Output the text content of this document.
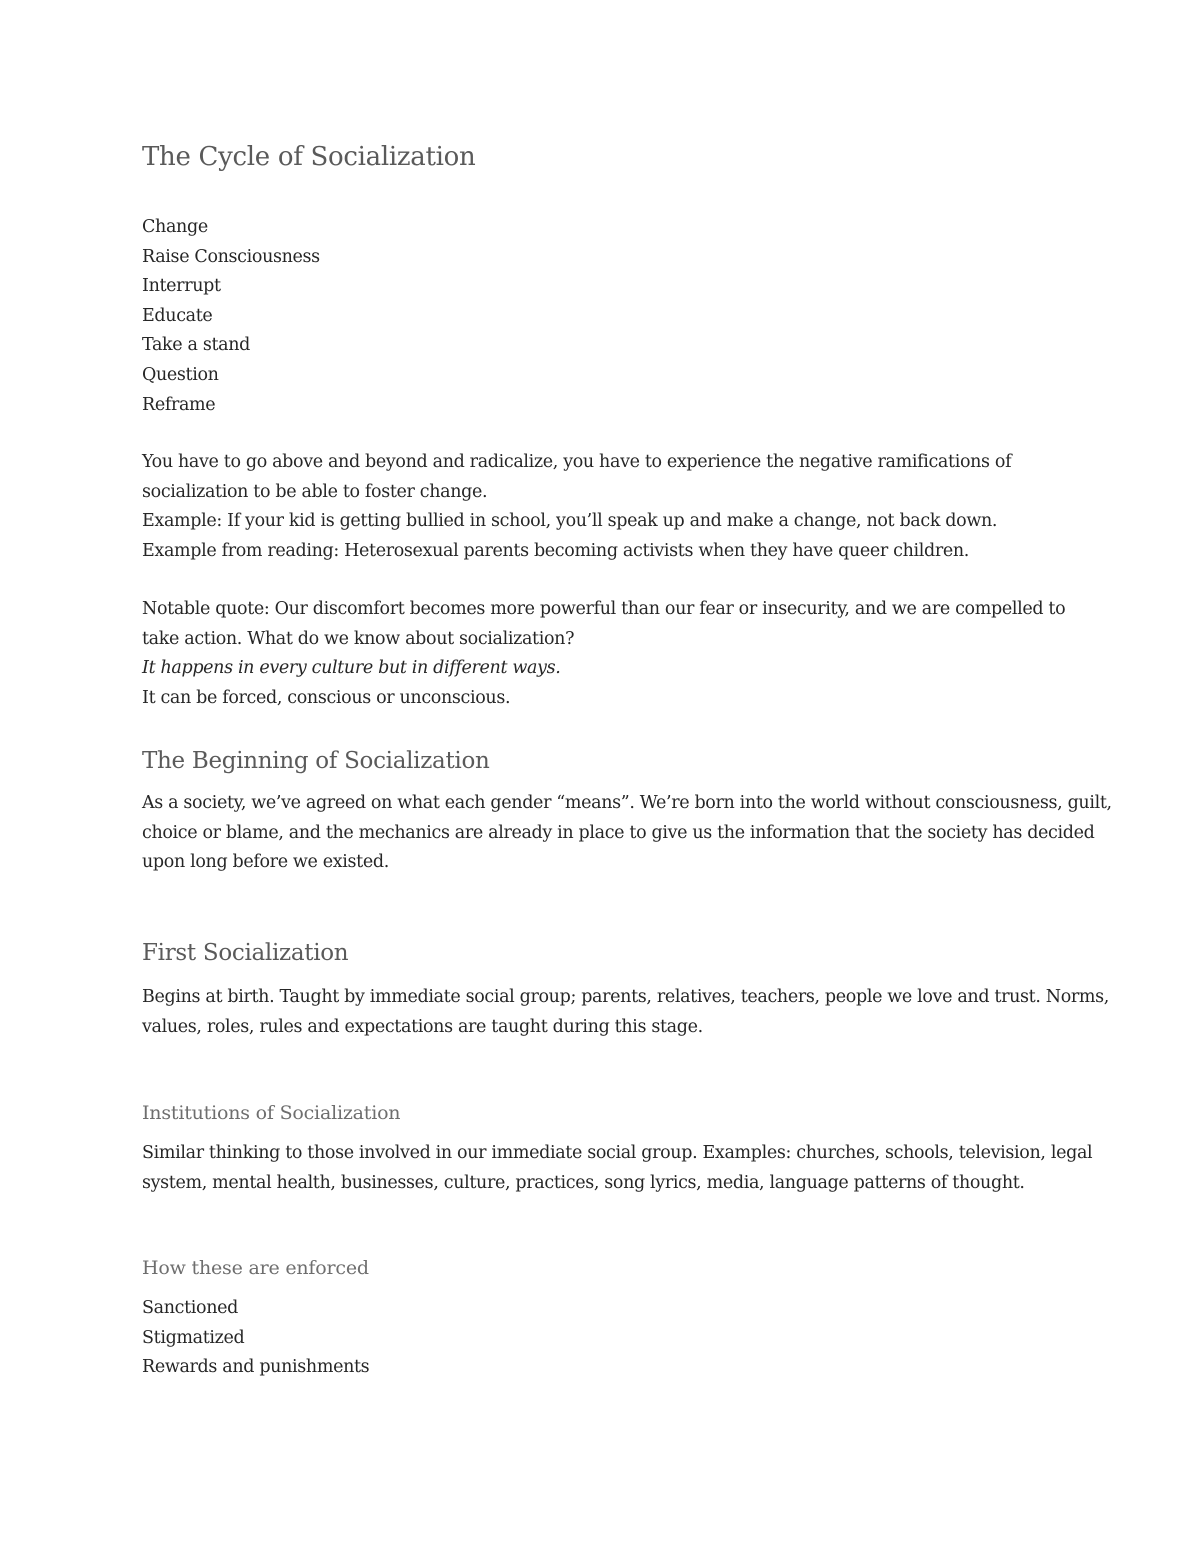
The Cycle of Socialization
Change
Raise Consciousness
Interrupt
Educate
Take a stand
Question
Reframe
You have to go above and beyond and radicalize, you have to experience the negative ramifications of
socialization to be able to foster change.
Example: If your kid is getting bullied in school, you’ll speak up and make a change, not back down.
Example from reading: Heterosexual parents becoming activists when they have queer children.
Notable quote: Our discomfort becomes more powerful than our fear or insecurity, and we are compelled to
take action. What do we know about socialization?
It happens in every culture but in different ways.
It can be forced, conscious or unconscious.
The Beginning of Socialization
As a society, we’ve agreed on what each gender “means”. We’re born into the world without consciousness, guilt,
choice or blame, and the mechanics are already in place to give us the information that the society has decided
upon long before we existed.
First Socialization
Begins at birth. Taught by immediate social group; parents, relatives, teachers, people we love and trust. Norms,
values, roles, rules and expectations are taught during this stage.
Institutions of Socialization
Similar thinking to those involved in our immediate social group. Examples: churches, schools, television, legal
system, mental health, businesses, culture, practices, song lyrics, media, language patterns of thought.
How these are enforced
Sanctioned
Stigmatized
Rewards and punishments
